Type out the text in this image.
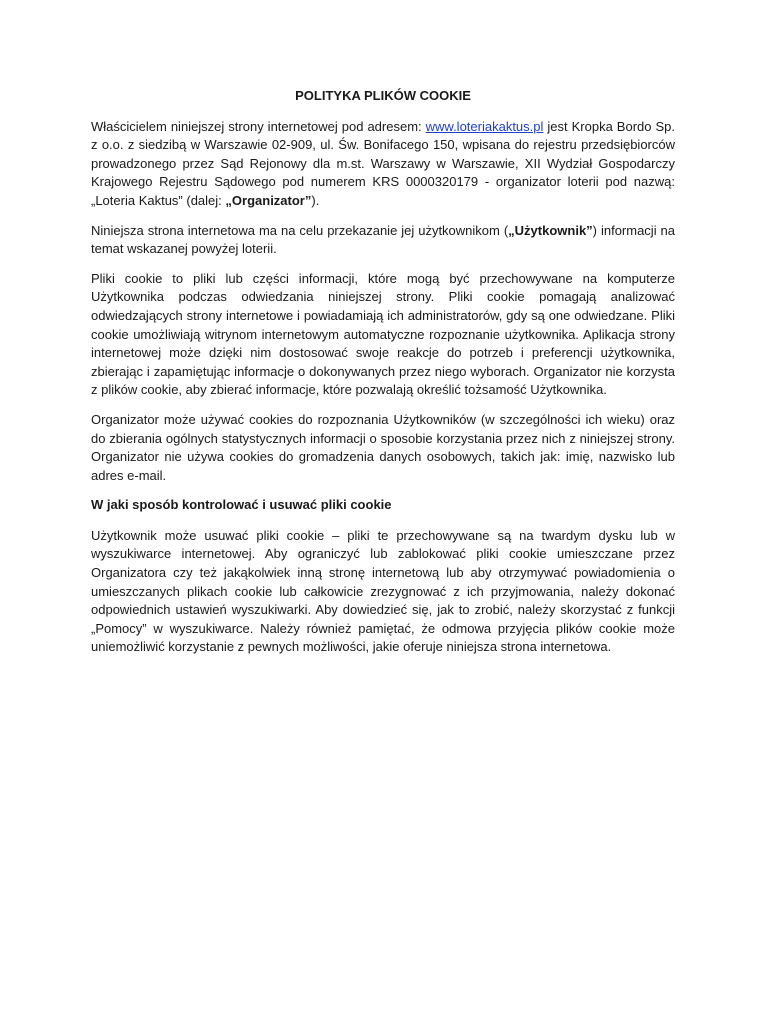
POLITYKA PLIKÓW COOKIE

Właścicielem niniejszej strony internetowej pod adresem: www.loteriakaktus.pl jest Kropka Bordo Sp. z o.o. z siedzibą w Warszawie 02-909, ul. Św. Bonifacego 150, wpisana do rejestru przedsiębiorców prowadzonego przez Sąd Rejonowy dla m.st. Warszawy w Warszawie, XII Wydział Gospodarczy Krajowego Rejestru Sądowego pod numerem KRS 0000320179 - organizator loterii pod nazwą: „Loteria Kaktus” (dalej: „Organizator”).

Niniejsza strona internetowa ma na celu przekazanie jej użytkownikom („Użytkownik”) informacji na temat wskazanej powyżej loterii.

Pliki cookie to pliki lub części informacji, które mogą być przechowywane na komputerze Użytkownika podczas odwiedzania niniejszej strony. Pliki cookie pomagają analizować odwiedzających strony internetowe i powiadamiają ich administratorów, gdy są one odwiedzane. Pliki cookie umożliwiają witrynom internetowym automatyczne rozpoznanie użytkownika. Aplikacja strony internetowej może dzięki nim dostosować swoje reakcje do potrzeb i preferencji użytkownika, zbierając i zapamiętując informacje o dokonywanych przez niego wyborach. Organizator nie korzysta z plików cookie, aby zbierać informacje, które pozwalają określić tożsamość Użytkownika.

Organizator może używać cookies do rozpoznania Użytkowników (w szczególności ich wieku) oraz do zbierania ogólnych statystycznych informacji o sposobie korzystania przez nich z niniejszej strony. Organizator nie używa cookies do gromadzenia danych osobowych, takich jak: imię, nazwisko lub adres e-mail.

W jaki sposób kontrolować i usuwać pliki cookie

Użytkownik może usuwać pliki cookie – pliki te przechowywane są na twardym dysku lub w wyszukiwarce internetowej. Aby ograniczyć lub zablokować pliki cookie umieszczane przez Organizatora czy też jakąkolwiek inną stronę internetową lub aby otrzymywać powiadomienia o umieszczanych plikach cookie lub całkowicie zrezygnować z ich przyjmowania, należy dokonać odpowiednich ustawień wyszukiwarki. Aby dowiedzieć się, jak to zrobić, należy skorzystać z funkcji „Pomocy” w wyszukiwarce. Należy również pamiętać, że odmowa przyjęcia plików cookie może uniemożliwić korzystanie z pewnych możliwości, jakie oferuje niniejsza strona internetowa.
